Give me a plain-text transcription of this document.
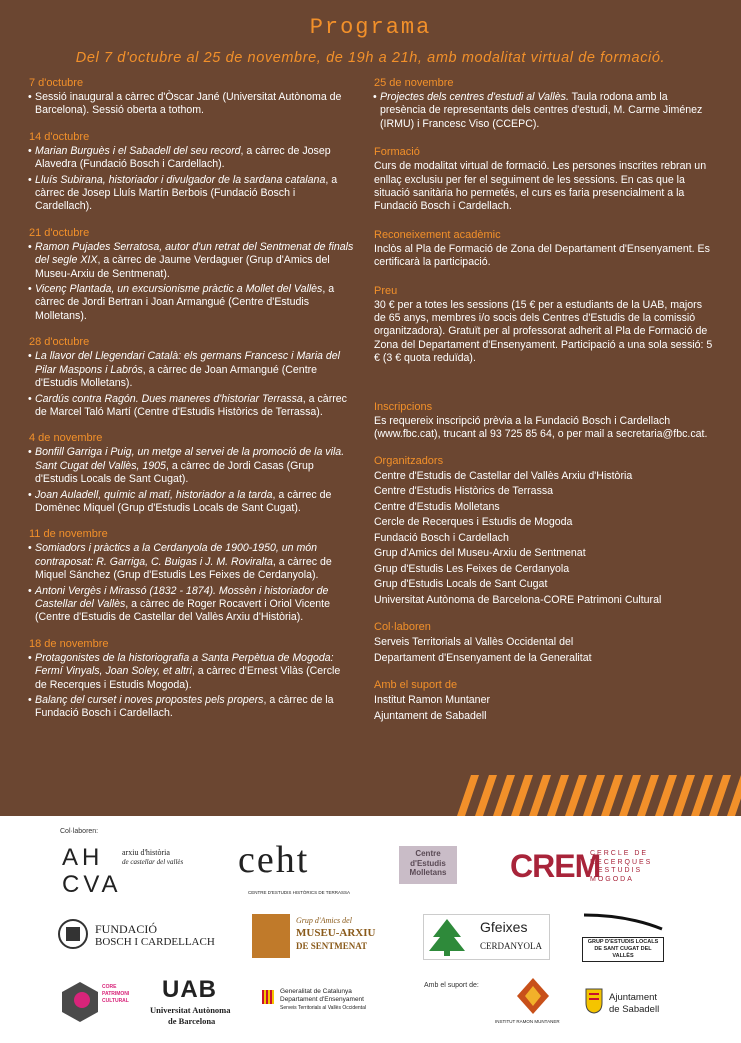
Programa
Del 7 d'octubre al 25 de novembre, de 19h a 21h, amb modalitat virtual de formació.
7 d'octubre
• Sessió inaugural a càrrec d'Òscar Jané (Universitat Autònoma de Barcelona). Sessió oberta a tothom.
14 d'octubre
• Marian Burguès i el Sabadell del seu record, a càrrec de Josep Alavedra (Fundació Bosch i Cardellach).
• Lluís Subirana, historiador i divulgador de la sardana catalana, a càrrec de Josep Lluís Martín Berbois (Fundació Bosch i Cardellach).
21 d'octubre
• Ramon Pujades Serratosa, autor d'un retrat del Sentmenat de finals del segle XIX, a càrrec de Jaume Verdaguer (Grup d'Amics del Museu-Arxiu de Sentmenat).
• Vicenç Plantada, un excursionisme pràctic a Mollet del Vallès, a càrrec de Jordi Bertran i Joan Armangué (Centre d'Estudis Molletans).
28 d'octubre
• La llavor del Llegendari Català: els germans Francesc i Maria del Pilar Maspons i Labrós, a càrrec de Joan Armangué (Centre d'Estudis Molletans).
• Cardús contra Ragón. Dues maneres d'historiar Terrassa, a càrrec de Marcel Taló Martí (Centre d'Estudis Històrics de Terrassa).
4 de novembre
• Bonfill Garriga i Puig, un metge al servei de la promoció de la vila. Sant Cugat del Vallès, 1905, a càrrec de Jordi Casas (Grup d'Estudis Locals de Sant Cugat).
• Joan Auladell, químic al matí, historiador a la tarda, a càrrec de Domènec Miquel (Grup d'Estudis Locals de Sant Cugat).
11 de novembre
• Somiadors i pràctics a la Cerdanyola de 1900-1950, un món contraposat: R. Garriga, C. Buigas i J. M. Roviralta, a càrrec de Miquel Sánchez (Grup d'Estudis Les Feixes de Cerdanyola).
• Antoni Vergès i Mirassó (1832 - 1874). Mossèn i historiador de Castellar del Vallès, a càrrec de Roger Rocavert i Oriol Vicente (Centre d'Estudis de Castellar del Vallès Arxiu d'Història).
18 de novembre
• Protagonistes de la historiografia a Santa Perpètua de Mogoda: Fermí Vinyals, Joan Soley, et altri, a càrrec d'Ernest Vilàs (Cercle de Recerques i Estudis Mogoda).
• Balanç del curset i noves propostes pels propers, a càrrec de la Fundació Bosch i Cardellach.
25 de novembre
• Projectes dels centres d'estudi al Vallès. Taula rodona amb la presència de representants dels centres d'estudi, M. Carme Jiménez (IRMU) i Francesc Viso (CCEPC).
Formació

Curs de modalitat virtual de formació. Les persones inscrites rebran un enllaç exclusiu per fer el seguiment de les sessions. En cas que la situació sanitària ho permetés, el curs es faria presencialment a la Fundació Bosch i Cardellach.

Reconeixement acadèmic

Inclòs al Pla de Formació de Zona del Departament d'Ensenyament. Es certificarà la participació.

Preu

30 € per a totes les sessions (15 € per a estudiants de la UAB, majors de 65 anys, membres i/o socis dels Centres d'Estudis de la comissió organitzadora). Gratuït per al professorat adherit al Pla de Formació de Zona del Departament d'Ensenyament. Participació a una sola sessió: 5 € (3 € quota reduïda).

Inscripcions

Es requereix inscripció prèvia a la Fundació Bosch i Cardellach (www.fbc.cat), trucant al 93 725 85 64, o per mail a secretaria@fbc.cat.

Organitzadors
Centre d'Estudis de Castellar del Vallès Arxiu d'Història
Centre d'Estudis Històrics de Terrassa
Centre d'Estudis Molletans
Cercle de Recerques i Estudis de Mogoda
Fundació Bosch i Cardellach
Grup d'Amics del Museu-Arxiu de Sentmenat
Grup d'Estudis Les Feixes de Cerdanyola
Grup d'Estudis Locals de Sant Cugat
Universitat Autònoma de Barcelona-CORE Patrimoni Cultural
Col·laboren
Serveis Territorials al Vallès Occidental del
Departament d'Ensenyament de la Generalitat
Amb el suport de
Institut Ramon Muntaner
Ajuntament de Sabadell
Col·laboren:
AH
CVA
arxiu d'història
de castellar del vallès ceht
CENTRE D'ESTUDIS HISTÒRICS DE TERRASSA
Centre
d'Estudis
Molletans	CREM
CERCLE DE
RECERQUES
I ESTUDIS
MOGODA
FUNDACIÓ
BOSCH I CARDELLACH
Grup d'Amics del
MUSEU-ARXIU
DE SENTMENAT
Gfeixes
CERDANYOLA	GRUP D'ESTUDIS LOCALS
DE SANT CUGAT DEL VALLÈS
CORE
PATRIMONI
CULTURAL UAB
Universitat Autònoma
de Barcelona
Generalitat de Catalunya
Departament d'Ensenyament
Serveis Territorials al Vallès Occidental
Amb el suport de:
INSTITUT RAMON MUNTANER
Ajuntament
de Sabadell
